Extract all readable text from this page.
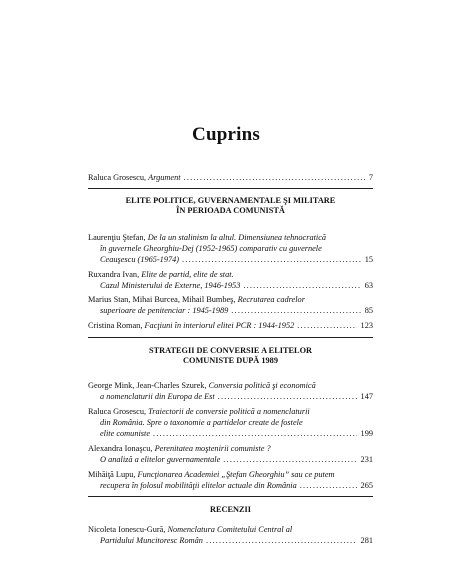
Cuprins
Raluca Grosescu,
Argument .....	7
ELITE POLITICE, GUVERNAMENTALE ŞI MILITARE
ÎN PERIOADA COMUNISTĂ
Laurenţiu Ştefan,
De la un stalinism la altul. Dimensiunea tehnocratică
în guvernele Gheorghiu-Dej (1952-1965) comparativ cu guvernele
Ceauşescu (1965-1974) .....	15
Ruxandra Ivan,
Elite de partid, elite de stat.
Cazul Ministerului de Externe, 1946-1953 .....	63
Marius Stan, Mihai Burcea, Mihail Bumbeş,
Recrutarea cadrelor
superioare de penitenciar : 1945-1989 .....	85
Cristina Roman,
Facţiuni în interiorul elitei PCR : 1944-1952 .....	123
STRATEGII DE CONVERSIE A ELITELOR
COMUNISTE DUPĂ 1989
George Mink, Jean-Charles Szurek,
Conversia politică şi economică
a nomenclaturii din Europa de Est .....	147
Raluca Grosescu,
Traiectorii de conversie politică a nomenclaturii
din România. Spre o taxonomie a partidelor create de fostele
elite comuniste .....	199
Alexandra Ionaşcu,
Perenitatea moştenirii comuniste ?
O analiză a elitelor guvernamentale .....	231
Mihăiţă Lupu,
Funcţionarea Academiei „Ştefan Gheorghiu” sau ce putem
recupera în folosul mobilităţii elitelor actuale din România .....	265
RECENZII
Nicoleta Ionescu-Gură,
Nomenclatura Comitetului Central al
Partidului Muncitoresc Român .....	281
